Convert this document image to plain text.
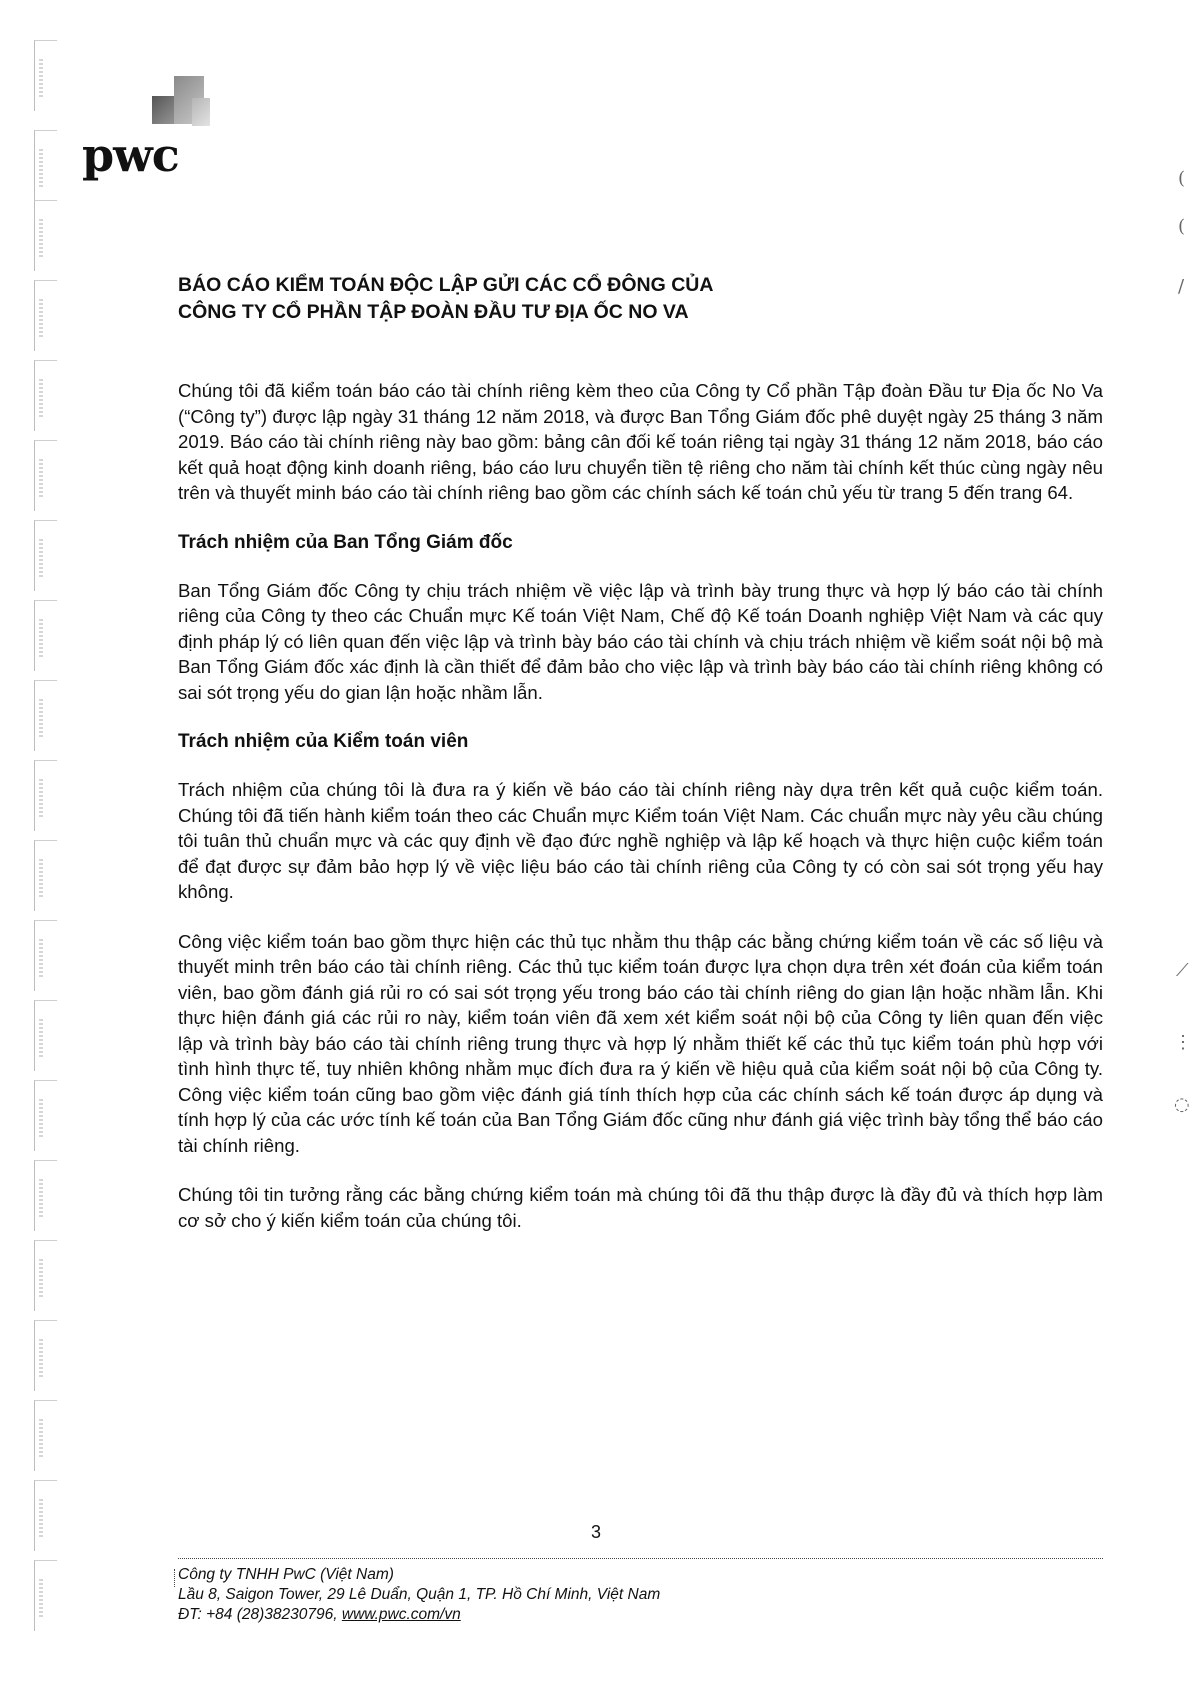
(
(
/
⟋
⋮
◌
pwc

BÁO CÁO KIỂM TOÁN ĐỘC LẬP GỬI CÁC CỔ ĐÔNG CỦA

CÔNG TY CỔ PHẦN TẬP ĐOÀN ĐẦU TƯ ĐỊA ỐC NO VA

Chúng tôi đã kiểm toán báo cáo tài chính riêng kèm theo của Công ty Cổ phần Tập đoàn Đầu tư Địa ốc No Va (“Công ty”) được lập ngày 31 tháng 12 năm 2018, và được Ban Tổng Giám đốc phê duyệt ngày 25 tháng 3 năm 2019. Báo cáo tài chính riêng này bao gồm: bảng cân đối kế toán riêng tại ngày 31 tháng 12 năm 2018, báo cáo kết quả hoạt động kinh doanh riêng, báo cáo lưu chuyển tiền tệ riêng cho năm tài chính kết thúc cùng ngày nêu trên và thuyết minh báo cáo tài chính riêng bao gồm các chính sách kế toán chủ yếu từ trang 5 đến trang 64.

Trách nhiệm của Ban Tổng Giám đốc

Ban Tổng Giám đốc Công ty chịu trách nhiệm về việc lập và trình bày trung thực và hợp lý báo cáo tài chính riêng của Công ty theo các Chuẩn mực Kế toán Việt Nam, Chế độ Kế toán Doanh nghiệp Việt Nam và các quy định pháp lý có liên quan đến việc lập và trình bày báo cáo tài chính và chịu trách nhiệm về kiểm soát nội bộ mà Ban Tổng Giám đốc xác định là cần thiết để đảm bảo cho việc lập và trình bày báo cáo tài chính riêng không có sai sót trọng yếu do gian lận hoặc nhầm lẫn.

Trách nhiệm của Kiểm toán viên

Trách nhiệm của chúng tôi là đưa ra ý kiến về báo cáo tài chính riêng này dựa trên kết quả cuộc kiểm toán. Chúng tôi đã tiến hành kiểm toán theo các Chuẩn mực Kiểm toán Việt Nam. Các chuẩn mực này yêu cầu chúng tôi tuân thủ chuẩn mực và các quy định về đạo đức nghề nghiệp và lập kế hoạch và thực hiện cuộc kiểm toán để đạt được sự đảm bảo hợp lý về việc liệu báo cáo tài chính riêng của Công ty có còn sai sót trọng yếu hay không.

Công việc kiểm toán bao gồm thực hiện các thủ tục nhằm thu thập các bằng chứng kiểm toán về các số liệu và thuyết minh trên báo cáo tài chính riêng. Các thủ tục kiểm toán được lựa chọn dựa trên xét đoán của kiểm toán viên, bao gồm đánh giá rủi ro có sai sót trọng yếu trong báo cáo tài chính riêng do gian lận hoặc nhầm lẫn. Khi thực hiện đánh giá các rủi ro này, kiểm toán viên đã xem xét kiểm soát nội bộ của Công ty liên quan đến việc lập và trình bày báo cáo tài chính riêng trung thực và hợp lý nhằm thiết kế các thủ tục kiểm toán phù hợp với tình hình thực tế, tuy nhiên không nhằm mục đích đưa ra ý kiến về hiệu quả của kiểm soát nội bộ của Công ty. Công việc kiểm toán cũng bao gồm việc đánh giá tính thích hợp của các chính sách kế toán được áp dụng và tính hợp lý của các ước tính kế toán của Ban Tổng Giám đốc cũng như đánh giá việc trình bày tổng thể báo cáo tài chính riêng.

Chúng tôi tin tưởng rằng các bằng chứng kiểm toán mà chúng tôi đã thu thập được là đầy đủ và thích hợp làm cơ sở cho ý kiến kiểm toán của chúng tôi.

3
Công ty TNHH PwC (Việt Nam)
Lầu 8, Saigon Tower, 29 Lê Duẩn, Quận 1, TP. Hồ Chí Minh, Việt Nam
ĐT: +84 (28)38230796, www.pwc.com/vn
